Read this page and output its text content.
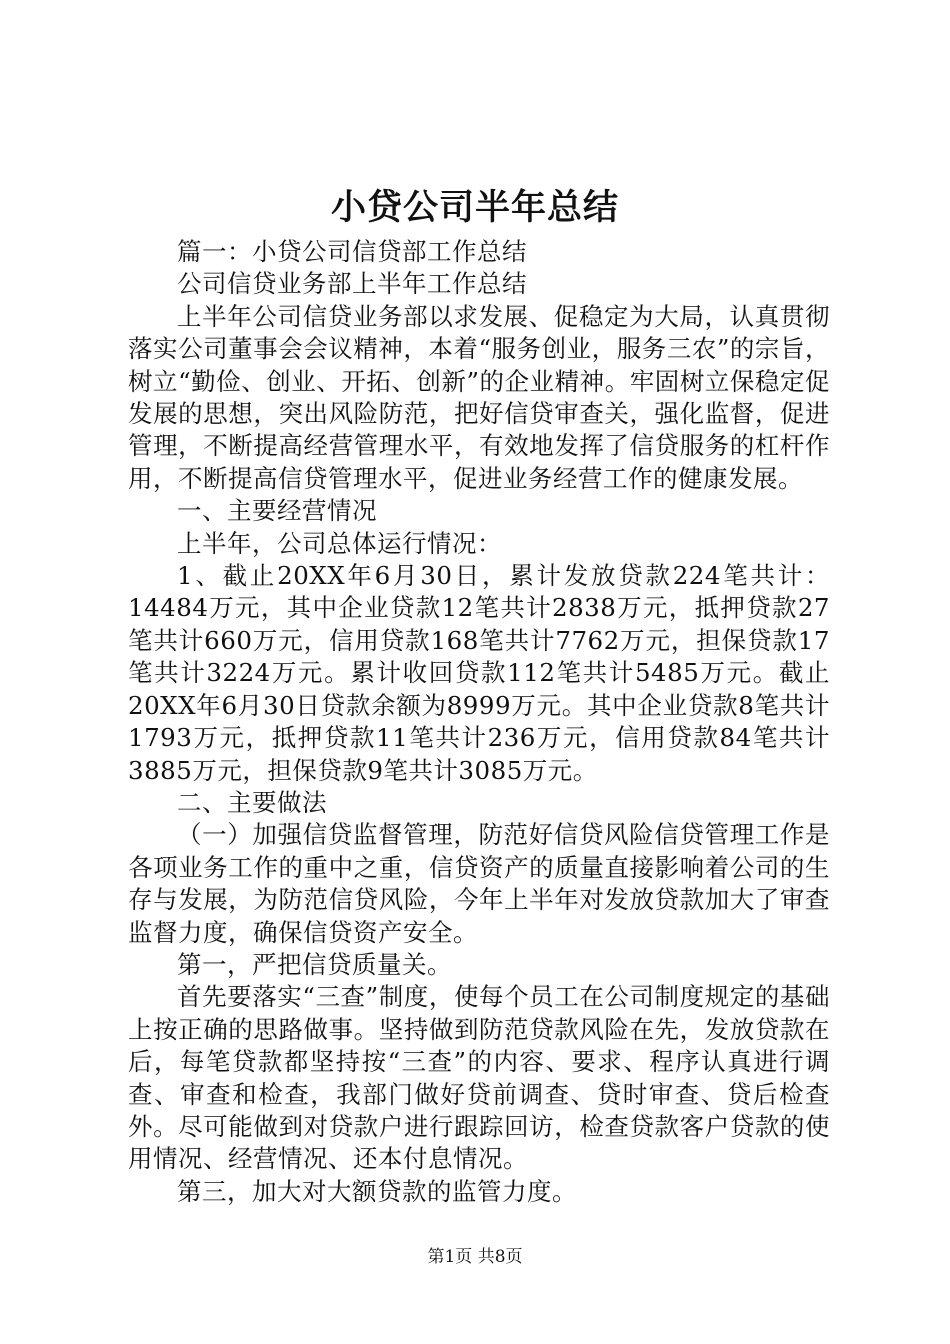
小贷公司半年总结

篇一：小贷公司信贷部工作总结

公司信贷业务部上半年工作总结

上半年公司信贷业务部以求发展、促稳定为大局，认真贯彻落实公司董事会会议精神，本着“服务创业，服务三农”的宗旨，树立“勤俭、创业、开拓、创新”的企业精神。牢固树立保稳定促发展的思想，突出风险防范，把好信贷审查关，强化监督，促进管理，不断提高经营管理水平，有效地发挥了信贷服务的杠杆作用，不断提高信贷管理水平，促进业务经营工作的健康发展。

一、主要经营情况

上半年，公司总体运行情况：

1、截止20XX年6月30日，累计发放贷款224笔共计：14484万元，其中企业贷款12笔共计2838万元，抵押贷款27笔共计660万元，信用贷款168笔共计7762万元，担保贷款17笔共计3224万元。累计收回贷款112笔共计5485万元。截止20XX年6月30日贷款余额为8999万元。其中企业贷款8笔共计1793万元，抵押贷款11笔共计236万元，信用贷款84笔共计3885万元，担保贷款9笔共计3085万元。

二、主要做法

（一）加强信贷监督管理，防范好信贷风险信贷管理工作是各项业务工作的重中之重，信贷资产的质量直接影响着公司的生存与发展，为防范信贷风险，今年上半年对发放贷款加大了审查监督力度，确保信贷资产安全。

第一，严把信贷质量关。

首先要落实“三查”制度，使每个员工在公司制度规定的基础上按正确的思路做事。坚持做到防范贷款风险在先，发放贷款在后，每笔贷款都坚持按“三查”的内容、要求、程序认真进行调查、审查和检查，我部门做好贷前调查、贷时审查、贷后检查外。尽可能做到对贷款户进行跟踪回访，检查贷款客户贷款的使用情况、经营情况、还本付息情况。

第三，加大对大额贷款的监管力度。

第1页 共8页
